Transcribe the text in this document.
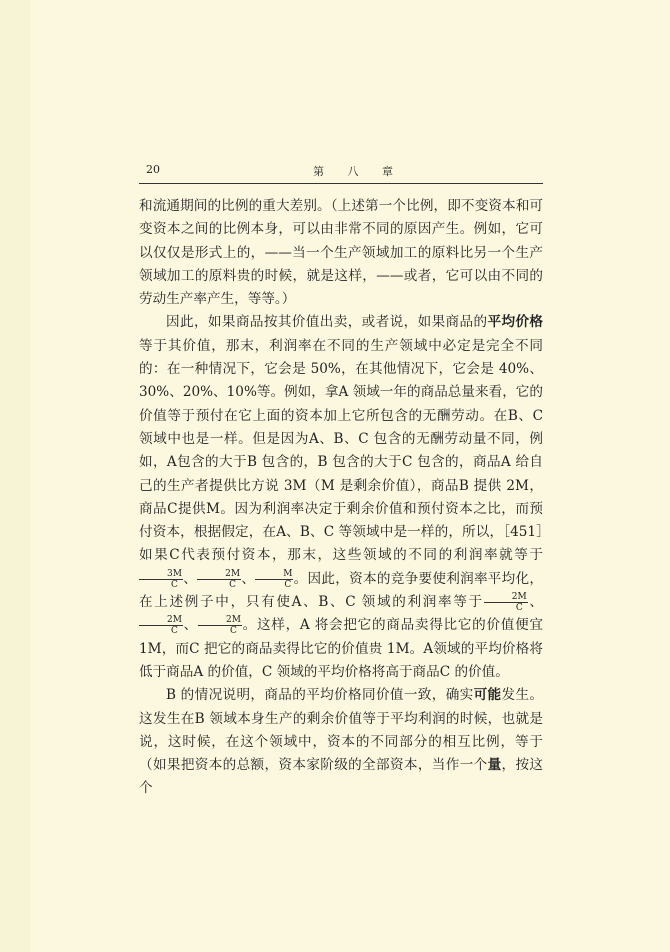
20	第 八 章

和流通期间的比例的重大差别。（上述第一个比例，即不变资本和可变资本之间的比例本身，可以由非常不同的原因产生。例如，它可以仅仅是形式上的，——当一个生产领域加工的原料比另一个生产领域加工的原料贵的时候，就是这样，——或者，它可以由不同的劳动生产率产生，等等。）

因此，如果商品按其价值出卖，或者说，如果商品的平均价格等于其价值，那末，利润率在不同的生产领域中必定是完全不同的：在一种情况下，它会是 50%，在其他情况下，它会是 40%、30%、20%、10%等。例如，拿A 领域一年的商品总量来看，它的价值等于预付在它上面的资本加上它所包含的无酬劳动。在B、C 领域中也是一样。但是因为A、B、C 包含的无酬劳动量不同，例如，A包含的大于B 包含的，B 包含的大于C 包含的，商品A 给自己的生产者提供比方说 3M（M 是剩余价值），商品B 提供 2M，商品C提供M。因为利润率决定于剩余价值和预付资本之比，而预付资本，根据假定，在A、B、C 等领域中是一样的，所以，［451］如果C代表预付资本，那末，这些领域的不同的利润率就等于
$\frac{3M}{C}$ 、 $\frac{2M}{C}$ 、 $\frac{M}{C}$ 。因此，资本的竞争要使利润率平均化，在上述例子中，只有使A、B、C 领域的利润率等于 $\frac{2M}{C}$ 、
$\frac{2M}{C}$ 、 $\frac{2M}{C}$ 。这样，A 将会把它的商品卖得比它的价值便宜 1M，而C 把它的商品卖得比它的价值贵 1M。A领域的平均价格将低于商品A 的价值，C 领域的平均价格将高于商品C 的价值。

B 的情况说明，商品的平均价格同价值一致，确实可能发生。这发生在B 领域本身生产的剩余价值等于平均利润的时候，也就是说，这时候，在这个领域中，资本的不同部分的相互比例，等于（如果把资本的总额，资本家阶级的全部资本，当作一个量，按这个
